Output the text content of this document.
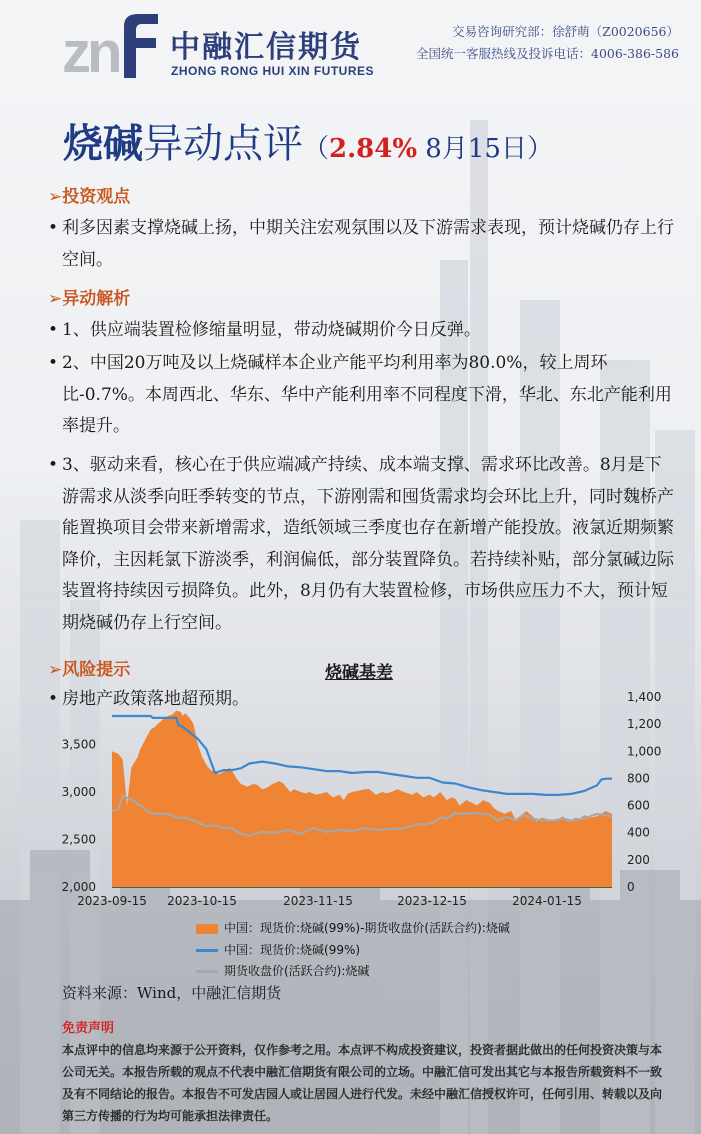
zn 中融汇信期货
ZHONG RONG HUI XIN FUTURES
交易咨询研究部：徐舒萌（Z0020656）
全国统一客服热线及投诉电话：4006-386-586
烧碱异动点评（2.84% 8月15日）
➢投资观点
• 利多因素支撑烧碱上扬，中期关注宏观氛围以及下游需求表现，预计烧碱仍存上行空间。
➢异动解析
• 1、供应端装置检修缩量明显，带动烧碱期价今日反弹。
• 2、中国20万吨及以上烧碱样本企业产能平均利用率为80.0%，较上周环比-0.7%。本周西北、华东、华中产能利用率不同程度下滑，华北、东北产能利用率提升。
• 3、驱动来看，核心在于供应端减产持续、成本端支撑、需求环比改善。8月是下游需求从淡季向旺季转变的节点，下游刚需和囤货需求均会环比上升，同时魏桥产能置换项目会带来新增需求，造纸领域三季度也存在新增产能投放。液氯近期频繁降价，主因耗氯下游淡季，利润偏低，部分装置降负。若持续补贴，部分氯碱边际装置将持续因亏损降负。此外，8月仍有大装置检修，市场供应压力不大，预计短期烧碱仍存上行空间。
➢风险提示
• 房地产政策落地超预期。
烧碱基差
2,000
2,500
3,000
3,500
0
200
400
600
800
1,000
1,200
1,400
2023-09-15 2023-10-15	2023-11-15	2023-12-15	2024-01-15
中国：现货价:烧碱(99%)-期货收盘价(活跃合约):烧碱
中国：现货价:烧碱(99%)
期货收盘价(活跃合约):烧碱
资料来源：Wind，中融汇信期货
免责声明
本点评中的信息均来源于公开资料，仅作参考之用。本点评不构成投资建议，投资者据此做出的任何投资决策与本公司无关。本报告所载的观点不代表中融汇信期货有限公司的立场。中融汇信可发出其它与本报告所载资料不一致及有不同结论的报告。本报告不可发店园人或让居园人进行代发。未经中融汇信授权许可，任何引用、转载以及向第三方传播的行为均可能承担法律责任。
